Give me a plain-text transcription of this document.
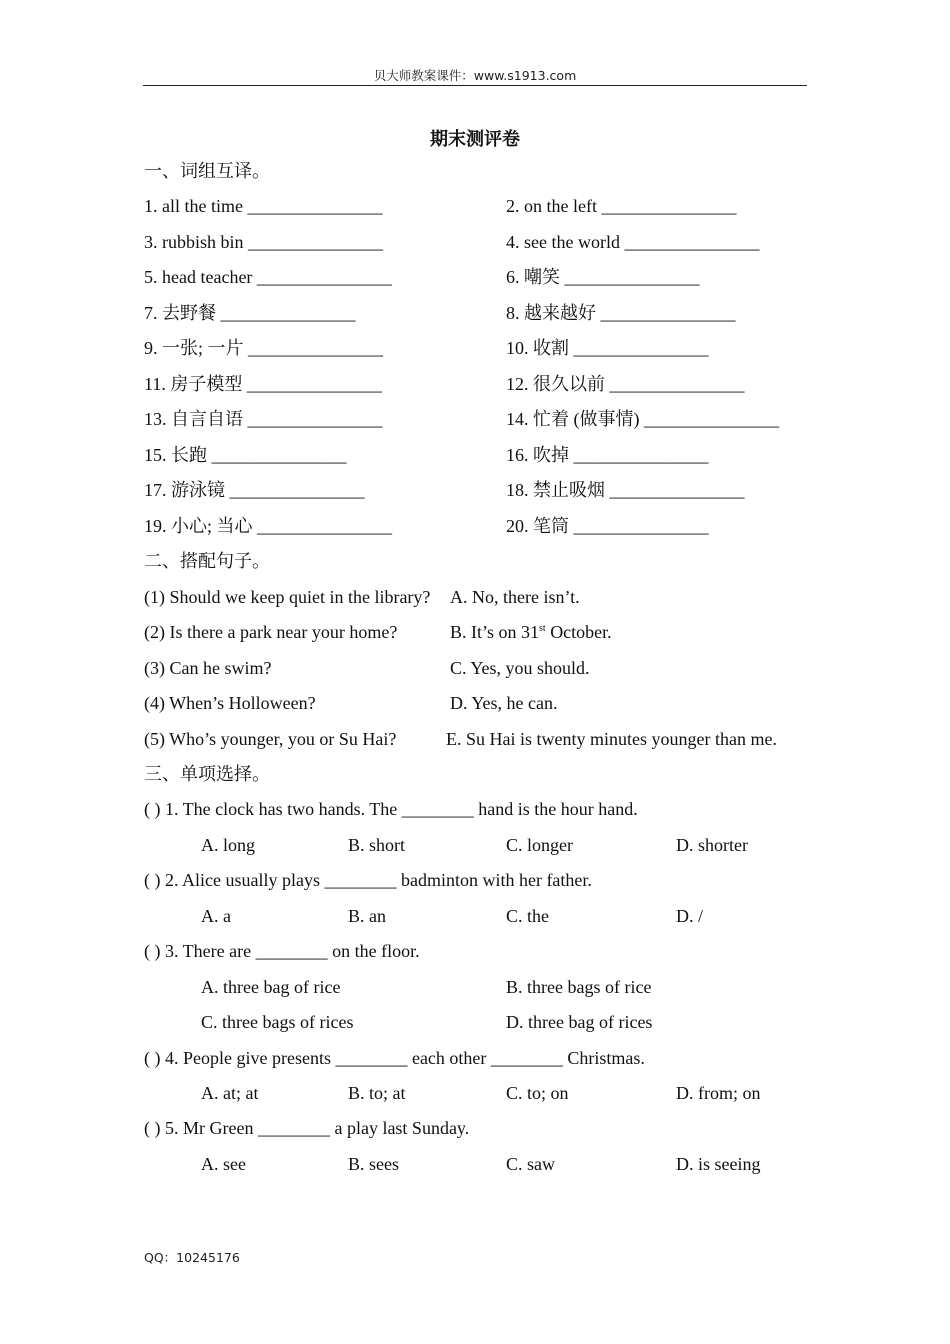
贝大师教案课件：www.s1913.com
期末测评卷
一、词组互译。
1. all the time _______________	2. on the left _______________
3. rubbish bin _______________	4. see the world _______________
5. head teacher _______________	6. 嘲笑 _______________
7. 去野餐 _______________	8. 越来越好 _______________
9. 一张; 一片 _______________	10. 收割 _______________
11. 房子模型 _______________	12. 很久以前 _______________
13. 自言自语 _______________	14. 忙着 (做事情) _______________
15. 长跑 _______________	16. 吹掉 _______________
17. 游泳镜 _______________	18. 禁止吸烟 _______________
19. 小心; 当心 _______________	20. 笔筒 _______________
二、搭配句子。
(1) Should we keep quiet in the library? A. No, there isn’t.
(2) Is there a park near your home?	B. It’s on 31st October.
(3) Can he swim?	C. Yes, you should.
(4) When’s Holloween?	D. Yes, he can.
(5) Who’s younger, you or Su Hai?	E. Su Hai is twenty minutes younger than me.
三、单项选择。
( ) 1. The clock has two hands. The ________ hand is the hour hand.
A. long	B. short	C. longer	D. shorter
( ) 2. Alice usually plays ________ badminton with her father.
A. a	B. an	C. the	D. /
( ) 3. There are ________ on the floor.
A. three bag of rice	B. three bags of rice
C. three bags of rices	D. three bag of rices
( ) 4. People give presents ________ each other ________ Christmas.
A. at; at	B. to; at	C. to; on	D. from; on
( ) 5. Mr Green ________ a play last Sunday.
A. see	B. sees	C. saw	D. is seeing
QQ：10245176
